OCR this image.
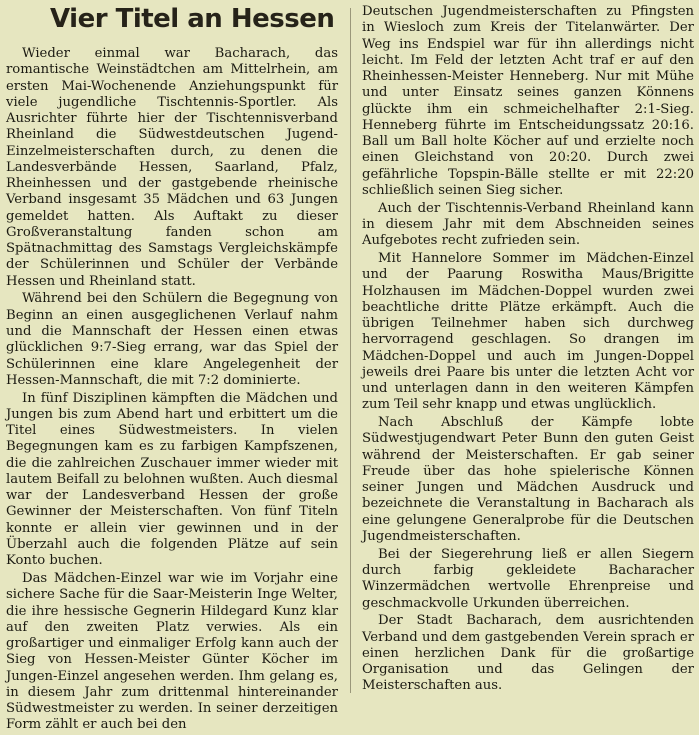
Vier Titel an Hessen

Wieder einmal war Bacharach, das romantische Weinstädtchen am Mittelrhein, am ersten Mai-Wochenende Anziehungspunkt für viele jugendliche Tischtennis-Sportler. Als Ausrichter führte hier der Tischtennisverband Rheinland die Südwestdeutschen Jugend-Einzelmeisterschaften durch, zu denen die Landesverbände Hessen, Saarland, Pfalz, Rheinhessen und der gastgebende rheinische Verband insgesamt 35 Mädchen und 63 Jungen gemeldet hatten. Als Auftakt zu dieser Großveranstaltung fanden schon am Spätnachmittag des Samstags Vergleichskämpfe der Schülerinnen und Schüler der Verbände Hessen und Rheinland statt.

Während bei den Schülern die Begegnung von Beginn an einen ausgeglichenen Verlauf nahm und die Mannschaft der Hessen einen etwas glücklichen 9:7-Sieg errang, war das Spiel der Schülerinnen eine klare Angelegenheit der Hessen-Mannschaft, die mit 7:2 dominierte.

In fünf Disziplinen kämpften die Mädchen und Jungen bis zum Abend hart und erbittert um die Titel eines Südwestmeisters. In vielen Begegnungen kam es zu farbigen Kampfszenen, die die zahlreichen Zuschauer immer wieder mit lautem Beifall zu belohnen wußten. Auch diesmal war der Landesverband Hessen der große Gewinner der Meisterschaften. Von fünf Titeln konnte er allein vier gewinnen und in der Überzahl auch die folgenden Plätze auf sein Konto buchen.

Das Mädchen-Einzel war wie im Vorjahr eine sichere Sache für die Saar-Meisterin Inge Welter, die ihre hessische Gegnerin Hildegard Kunz klar auf den zweiten Platz verwies. Als ein großartiger und einmaliger Erfolg kann auch der Sieg von Hessen-Meister Günter Köcher im Jungen-Einzel angesehen werden. Ihm gelang es, in diesem Jahr zum drittenmal hintereinander Südwestmeister zu werden. In seiner derzeitigen Form zählt er auch bei den

Deutschen Jugendmeisterschaften zu Pfingsten in Wiesloch zum Kreis der Titelanwärter. Der Weg ins Endspiel war für ihn allerdings nicht leicht. Im Feld der letzten Acht traf er auf den Rheinhessen-Meister Henneberg. Nur mit Mühe und unter Einsatz seines ganzen Könnens glückte ihm ein schmeichelhafter 2:1-Sieg. Henneberg führte im Entscheidungssatz 20:16. Ball um Ball holte Köcher auf und erzielte noch einen Gleichstand von 20:20. Durch zwei gefährliche Topspin-Bälle stellte er mit 22:20 schließlich seinen Sieg sicher.

Auch der Tischtennis-Verband Rheinland kann in diesem Jahr mit dem Abschneiden seines Aufgebotes recht zufrieden sein.

Mit Hannelore Sommer im Mädchen-Einzel und der Paarung Roswitha Maus/Brigitte Holzhausen im Mädchen-Doppel wurden zwei beachtliche dritte Plätze erkämpft. Auch die übrigen Teilnehmer haben sich durchweg hervorragend geschlagen. So drangen im Mädchen-Doppel und auch im Jungen-Doppel jeweils drei Paare bis unter die letzten Acht vor und unterlagen dann in den weiteren Kämpfen zum Teil sehr knapp und etwas unglücklich.

Nach Abschluß der Kämpfe lobte Südwestjugendwart Peter Bunn den guten Geist während der Meisterschaften. Er gab seiner Freude über das hohe spielerische Können seiner Jungen und Mädchen Ausdruck und bezeichnete die Veranstaltung in Bacharach als eine gelungene Generalprobe für die Deutschen Jugendmeisterschaften.

Bei der Siegerehrung ließ er allen Siegern durch farbig gekleidete Bacharacher Winzermädchen wertvolle Ehrenpreise und geschmackvolle Urkunden überreichen.

Der Stadt Bacharach, dem ausrichtenden Verband und dem gastgebenden Verein sprach er einen herzlichen Dank für die großartige Organisation und das Gelingen der Meisterschaften aus.
